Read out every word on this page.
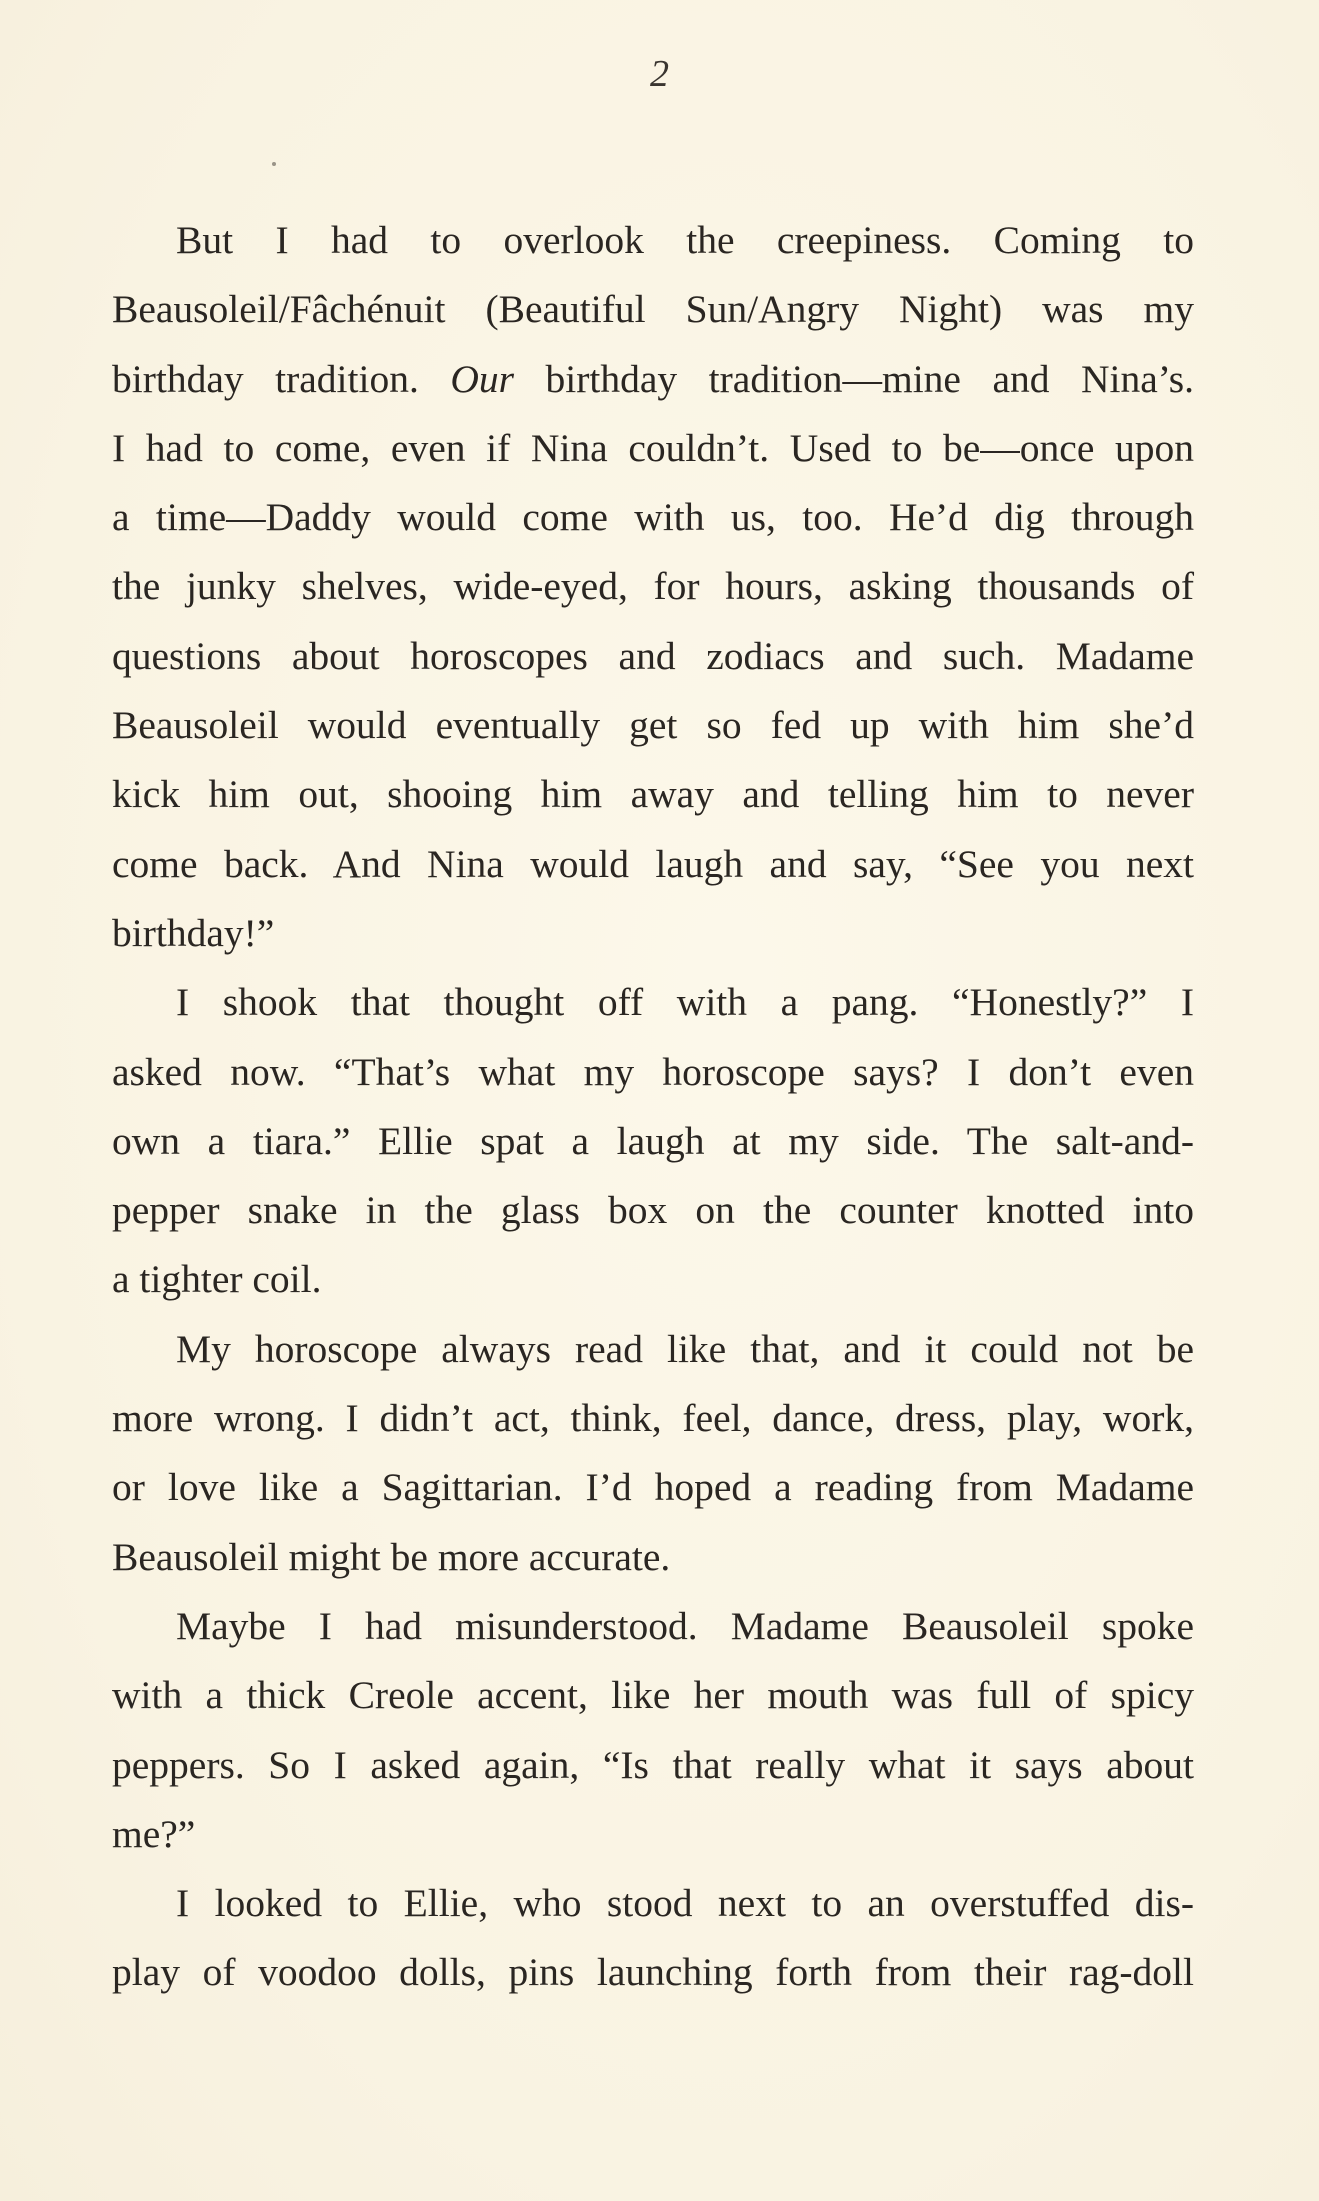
2

But I had to overlook the creepiness. Coming to
Beausoleil/Fâchénuit (Beautiful Sun/Angry Night) was my
birthday tradition. Our birthday tradition—mine and Nina’s.
I had to come, even if Nina couldn’t. Used to be—once upon
a time—Daddy would come with us, too. He’d dig through
the junky shelves, wide-eyed, for hours, asking thousands of
questions about horoscopes and zodiacs and such. Madame
Beausoleil would eventually get so fed up with him she’d
kick him out, shooing him away and telling him to never
come back. And Nina would laugh and say, “See you next
birthday!”

I shook that thought off with a pang. “Honestly?” I
asked now. “That’s what my horoscope says? I don’t even
own a tiara.” Ellie spat a laugh at my side. The salt-and-
pepper snake in the glass box on the counter knotted into
a tighter coil.

My horoscope always read like that, and it could not be
more wrong. I didn’t act, think, feel, dance, dress, play, work,
or love like a Sagittarian. I’d hoped a reading from Madame
Beausoleil might be more accurate.

Maybe I had misunderstood. Madame Beausoleil spoke
with a thick Creole accent, like her mouth was full of spicy
peppers. So I asked again, “Is that really what it says about
me?”

I looked to Ellie, who stood next to an overstuffed dis-
play of voodoo dolls, pins launching forth from their rag-doll
